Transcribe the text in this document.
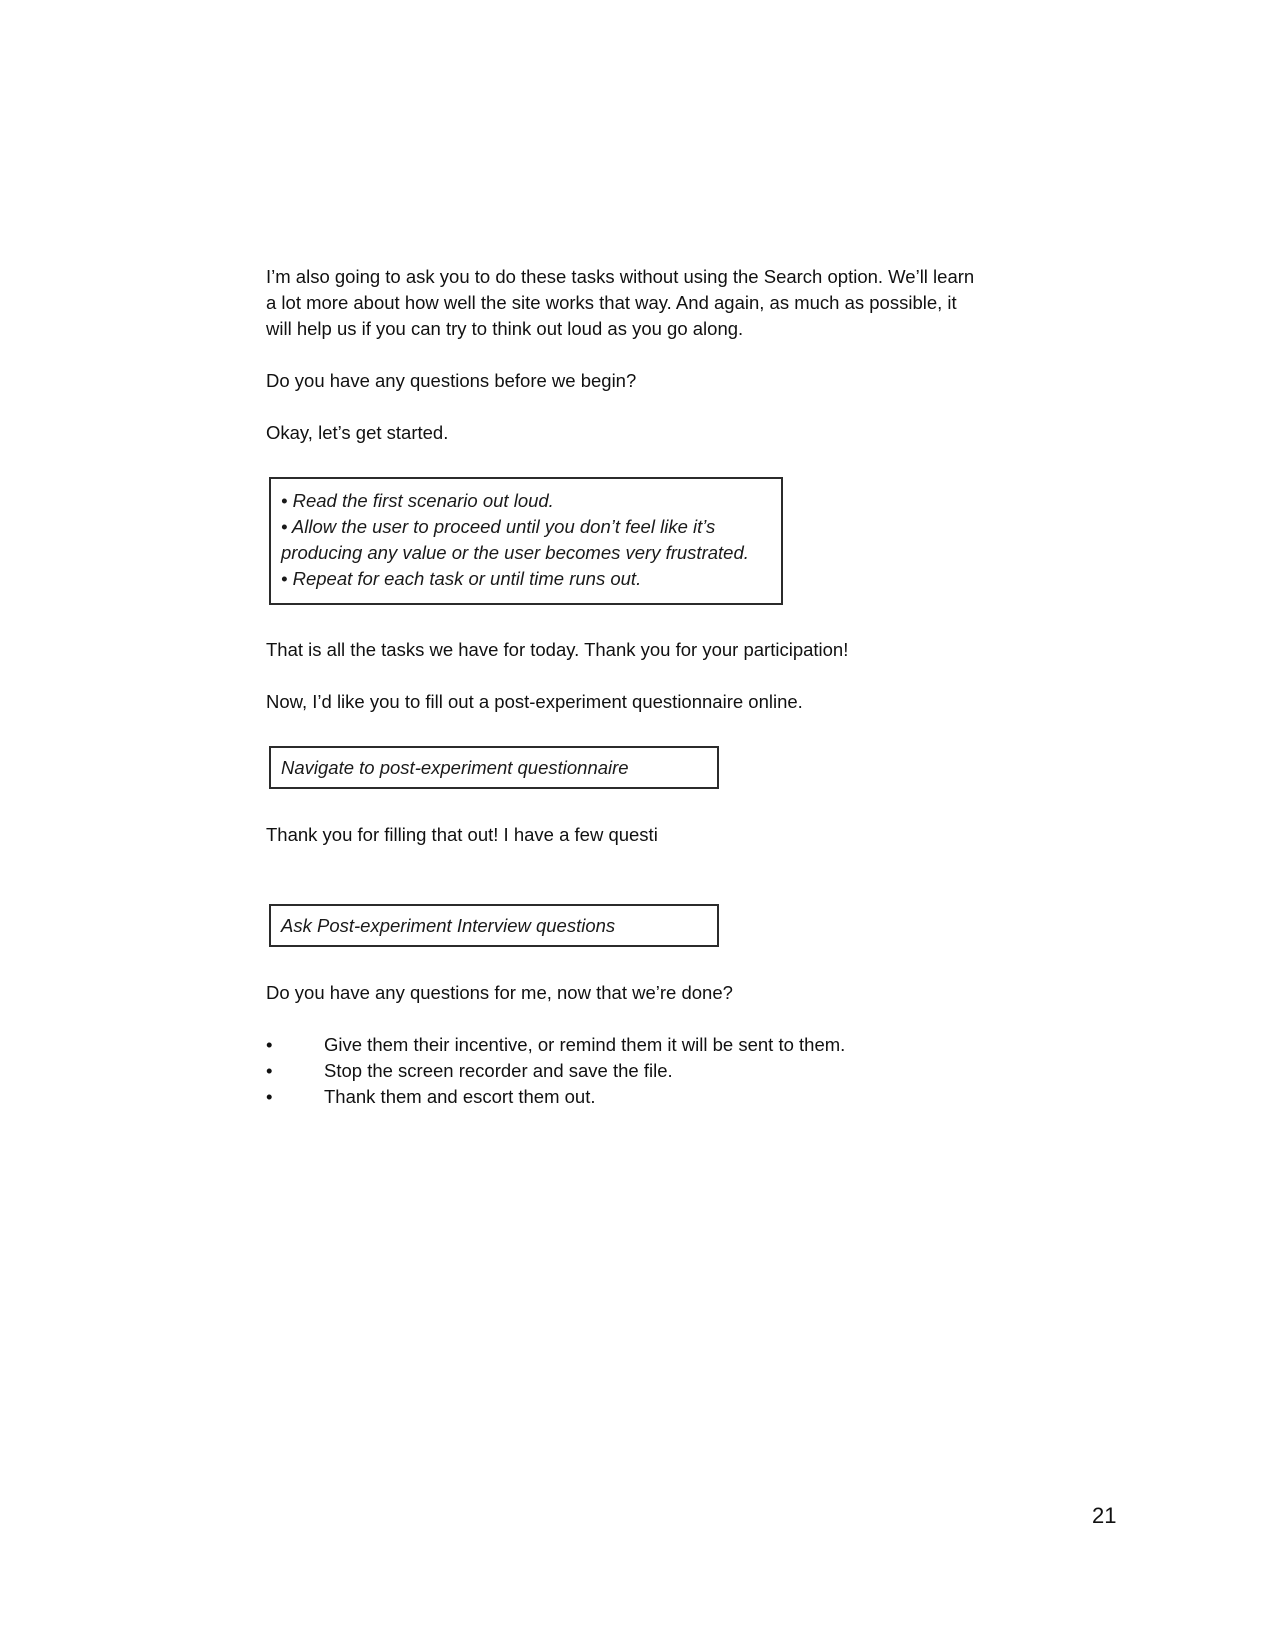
I’m also going to ask you to do these tasks without using the Search option. We’ll learn

a lot more about how well the site works that way. And again, as much as possible, it

will help us if you can try to think out loud as you go along.

Do you have any questions before we begin?

Okay, let’s get started.

• Read the first scenario out loud.
• Allow the user to proceed until you don’t feel like it’s
producing any value or the user becomes very frustrated.
• Repeat for each task or until time runs out.

That is all the tasks we have for today. Thank you for your participation!

Now, I’d like you to fill out a post-experiment questionnaire online.

Navigate to post-experiment questionnaire

Thank you for filling that out! I have a few questi

Ask Post-experiment Interview questions

Do you have any questions for me, now that we’re done?

•	Give them their incentive, or remind them it will be sent to them.
•	Stop the screen recorder and save the file.
•	Thank them and escort them out.
21
